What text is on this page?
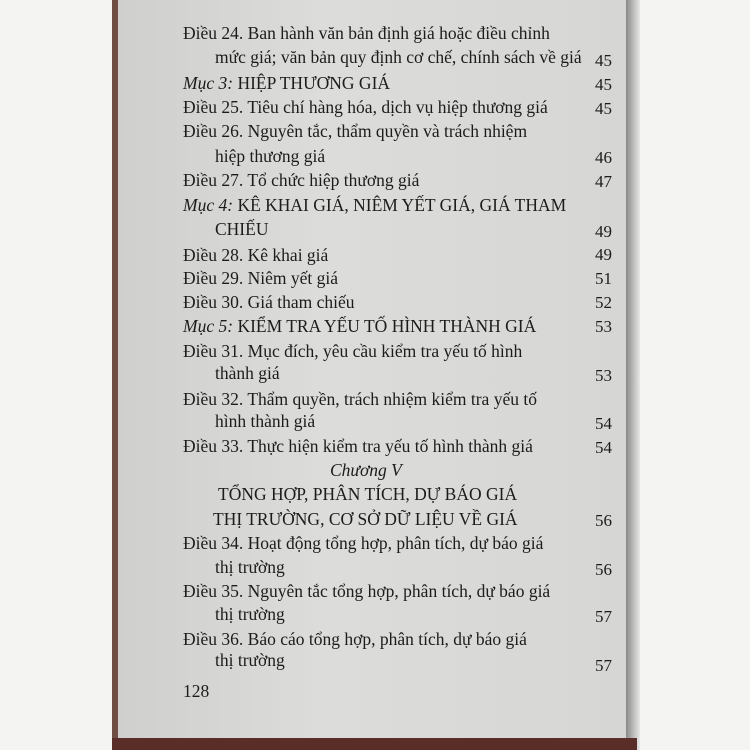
Điều 24. Ban hành văn bản định giá hoặc điều chỉnh
mức giá; văn bản quy định cơ chế, chính sách về giá 45
Mục 3: HIỆP THƯƠNG GIÁ	45
Điều 25. Tiêu chí hàng hóa, dịch vụ hiệp thương giá	45
Điều 26. Nguyên tắc, thẩm quyền và trách nhiệm
hiệp thương giá	46
Điều 27. Tổ chức hiệp thương giá	47
Mục 4: KÊ KHAI GIÁ, NIÊM YẾT GIÁ, GIÁ THAM
CHIẾU	49
Điều 28. Kê khai giá	49
Điều 29. Niêm yết giá	51
Điều 30. Giá tham chiếu	52
Mục 5: KIỂM TRA YẾU TỐ HÌNH THÀNH GIÁ	53
Điều 31. Mục đích, yêu cầu kiểm tra yếu tố hình
thành giá	53
Điều 32. Thẩm quyền, trách nhiệm kiểm tra yếu tố
hình thành giá	54
Điều 33. Thực hiện kiểm tra yếu tố hình thành giá	54
Chương V
TỔNG HỢP, PHÂN TÍCH, DỰ BÁO GIÁ
THỊ TRƯỜNG, CƠ SỞ DỮ LIỆU VỀ GIÁ	56
Điều 34. Hoạt động tổng hợp, phân tích, dự báo giá
thị trường	56
Điều 35. Nguyên tắc tổng hợp, phân tích, dự báo giá
thị trường	57
Điều 36. Báo cáo tổng hợp, phân tích, dự báo giá
thị trường	57
128
